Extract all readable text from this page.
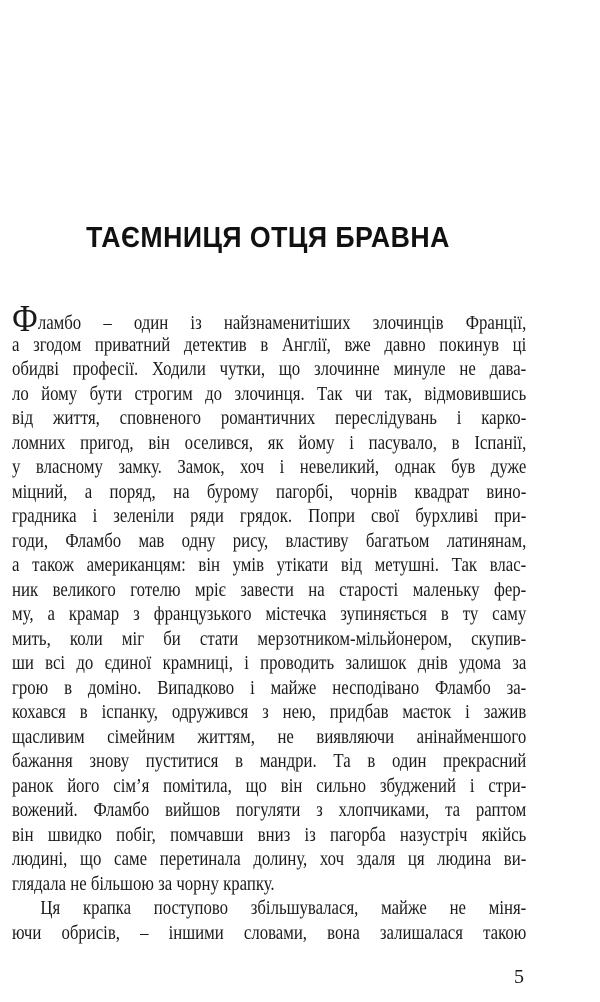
ТАЄМНИЦЯ ОТЦЯ БРАВНА
Фламбо – один із найзнаменитіших злочинців Франції,
а згодом приватний детектив в Англії, вже давно покинув ці
обидві професії. Ходили чутки, що злочинне минуле не дава-
ло йому бути строгим до злочинця. Так чи так, відмовившись
від життя, сповненого романтичних переслідувань і карко-
ломних пригод, він оселився, як йому і пасувало, в Іспанії,
у власному замку. Замок, хоч і невеликий, однак був дуже
міцний, а поряд, на бурому пагорбі, чорнів квадрат вино-
градника і зеленіли ряди грядок. Попри свої бурхливі при-
годи, Фламбо мав одну рису, властиву багатьом латинянам,
а також американцям: він умів утікати від метушні. Так влас-
ник великого готелю мріє завести на старості маленьку фер-
му, а крамар з французького містечка зупиняється в ту саму
мить, коли міг би стати мерзотником-мільйонером, скупив-
ши всі до єдиної крамниці, і проводить залишок днів удома за
грою в доміно. Випадково і майже несподівано Фламбо за-
кохався в іспанку, одружився з нею, придбав маєток і зажив
щасливим сімейним життям, не виявляючи анінайменшого
бажання знову пуститися в мандри. Та в один прекрасний
ранок його сім’я помітила, що він сильно збуджений і стри-
вожений. Фламбо вийшов погуляти з хлопчиками, та раптом
він швидко побіг, помчавши вниз із пагорба назустріч якійсь
людині, що саме перетинала долину, хоч здаля ця людина ви-
глядала не більшою за чорну крапку.
Ця крапка поступово збільшувалася, майже не міня-
ючи обрисів, – іншими словами, вона залишалася такою
5
